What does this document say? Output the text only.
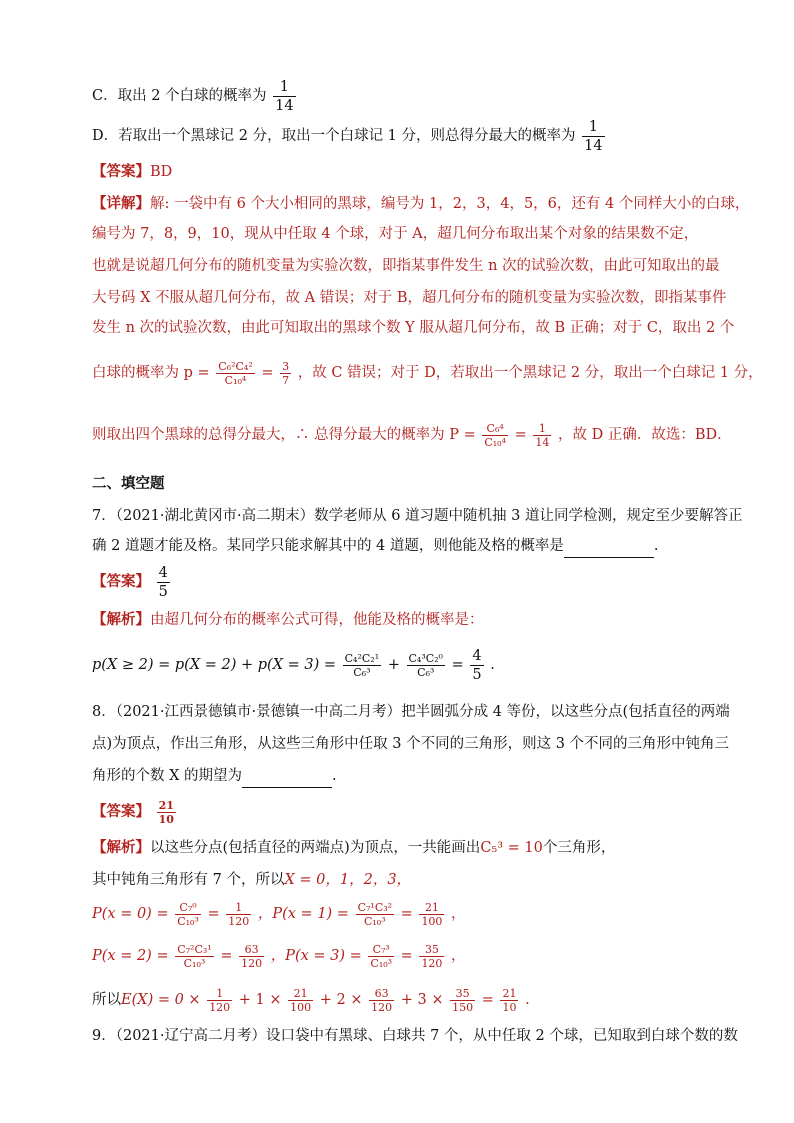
C．取出 2 个白球的概率为 $\frac{1}{14}$
D．若取出一个黑球记 2 分，取出一个白球记 1 分，则总得分最大的概率为 $\frac{1}{14}$
【答案】BD
【详解】解: 一袋中有 6 个大小相同的黑球，编号为 1，2，3，4，5，6，还有 4 个同样大小的白球，
编号为 7，8，9，10，现从中任取 4 个球，对于 A，超几何分布取出某个对象的结果数不定，
也就是说超几何分布的随机变量为实验次数，即指某事件发生 n 次的试验次数，由此可知取出的最
大号码 X 不服从超几何分布，故 A 错误；对于 B，超几何分布的随机变量为实验次数，即指某事件
发生 n 次的试验次数，由此可知取出的黑球个数 Y 服从超几何分布，故 B 正确；对于 C，取出 2 个
白球的概率为 $p = \frac{\text{C₆²C₄²}}{\text{C₁₀⁴}} = \frac{3}{7}$ ，故 C 错误；对于 D，若取出一个黑球记 2 分，取出一个白球记 1 分，
则取出四个黑球的总得分最大，∴ 总得分最大的概率为 $P = \frac{\text{C₆⁴}}{\text{C₁₀⁴}} = \frac{1}{14}$ ，故 D 正确．故选：BD．
二、填空题
7．（2021·湖北黄冈市·高二期末）数学老师从 6 道习题中随机抽 3 道让同学检测，规定至少要解答正
确 2 道题才能及格。某同学只能求解其中的 4 道题，则他能及格的概率是	.
【答案】 $\frac{4}{5}$
【解析】由超几何分布的概率公式可得，他能及格的概率是：
$p(X \ge 2) = p(X = 2) + p(X = 3) = \frac{\text{C₄²C₂¹}}{\text{C₆³}} + \frac{\text{C₄³C₂⁰}}{\text{C₆³}} = \frac{4}{5}$ .
8．（2021·江西景德镇市·景德镇一中高二月考）把半圆弧分成 4 等份，以这些分点(包括直径的两端
点)为顶点，作出三角形，从这些三角形中任取 3 个不同的三角形，则这 3 个不同的三角形中钝角三
角形的个数 X 的期望为	.
【答案】 $\frac{21}{10}$
【解析】以这些分点(包括直径的两端点)为顶点，一共能画出C₅³ = 10个三角形，
其中钝角三角形有 7 个，所以X = 0，1，2，3，
$P(x = 0) = \frac{\text{C₇⁰}}{\text{C₁₀³}} = \frac{1}{120}$ ，$P(x = 1) = \frac{\text{C₇¹C₃²}}{\text{C₁₀³}} = \frac{21}{100}$ ，
$P(x = 2) = \frac{\text{C₇²C₃¹}}{\text{C₁₀³}} = \frac{63}{120}$ ，$P(x = 3) = \frac{\text{C₇³}}{\text{C₁₀³}} = \frac{35}{120}$ ，
所以$E(X) = 0 \times \frac{1}{120} + 1 \times \frac{21}{100} + 2 \times \frac{63}{120} + 3 \times \frac{35}{150} = \frac{21}{10}$ .
9．（2021·辽宁高二月考）设口袋中有黑球、白球共 7 个，从中任取 2 个球，已知取到白球个数的数
